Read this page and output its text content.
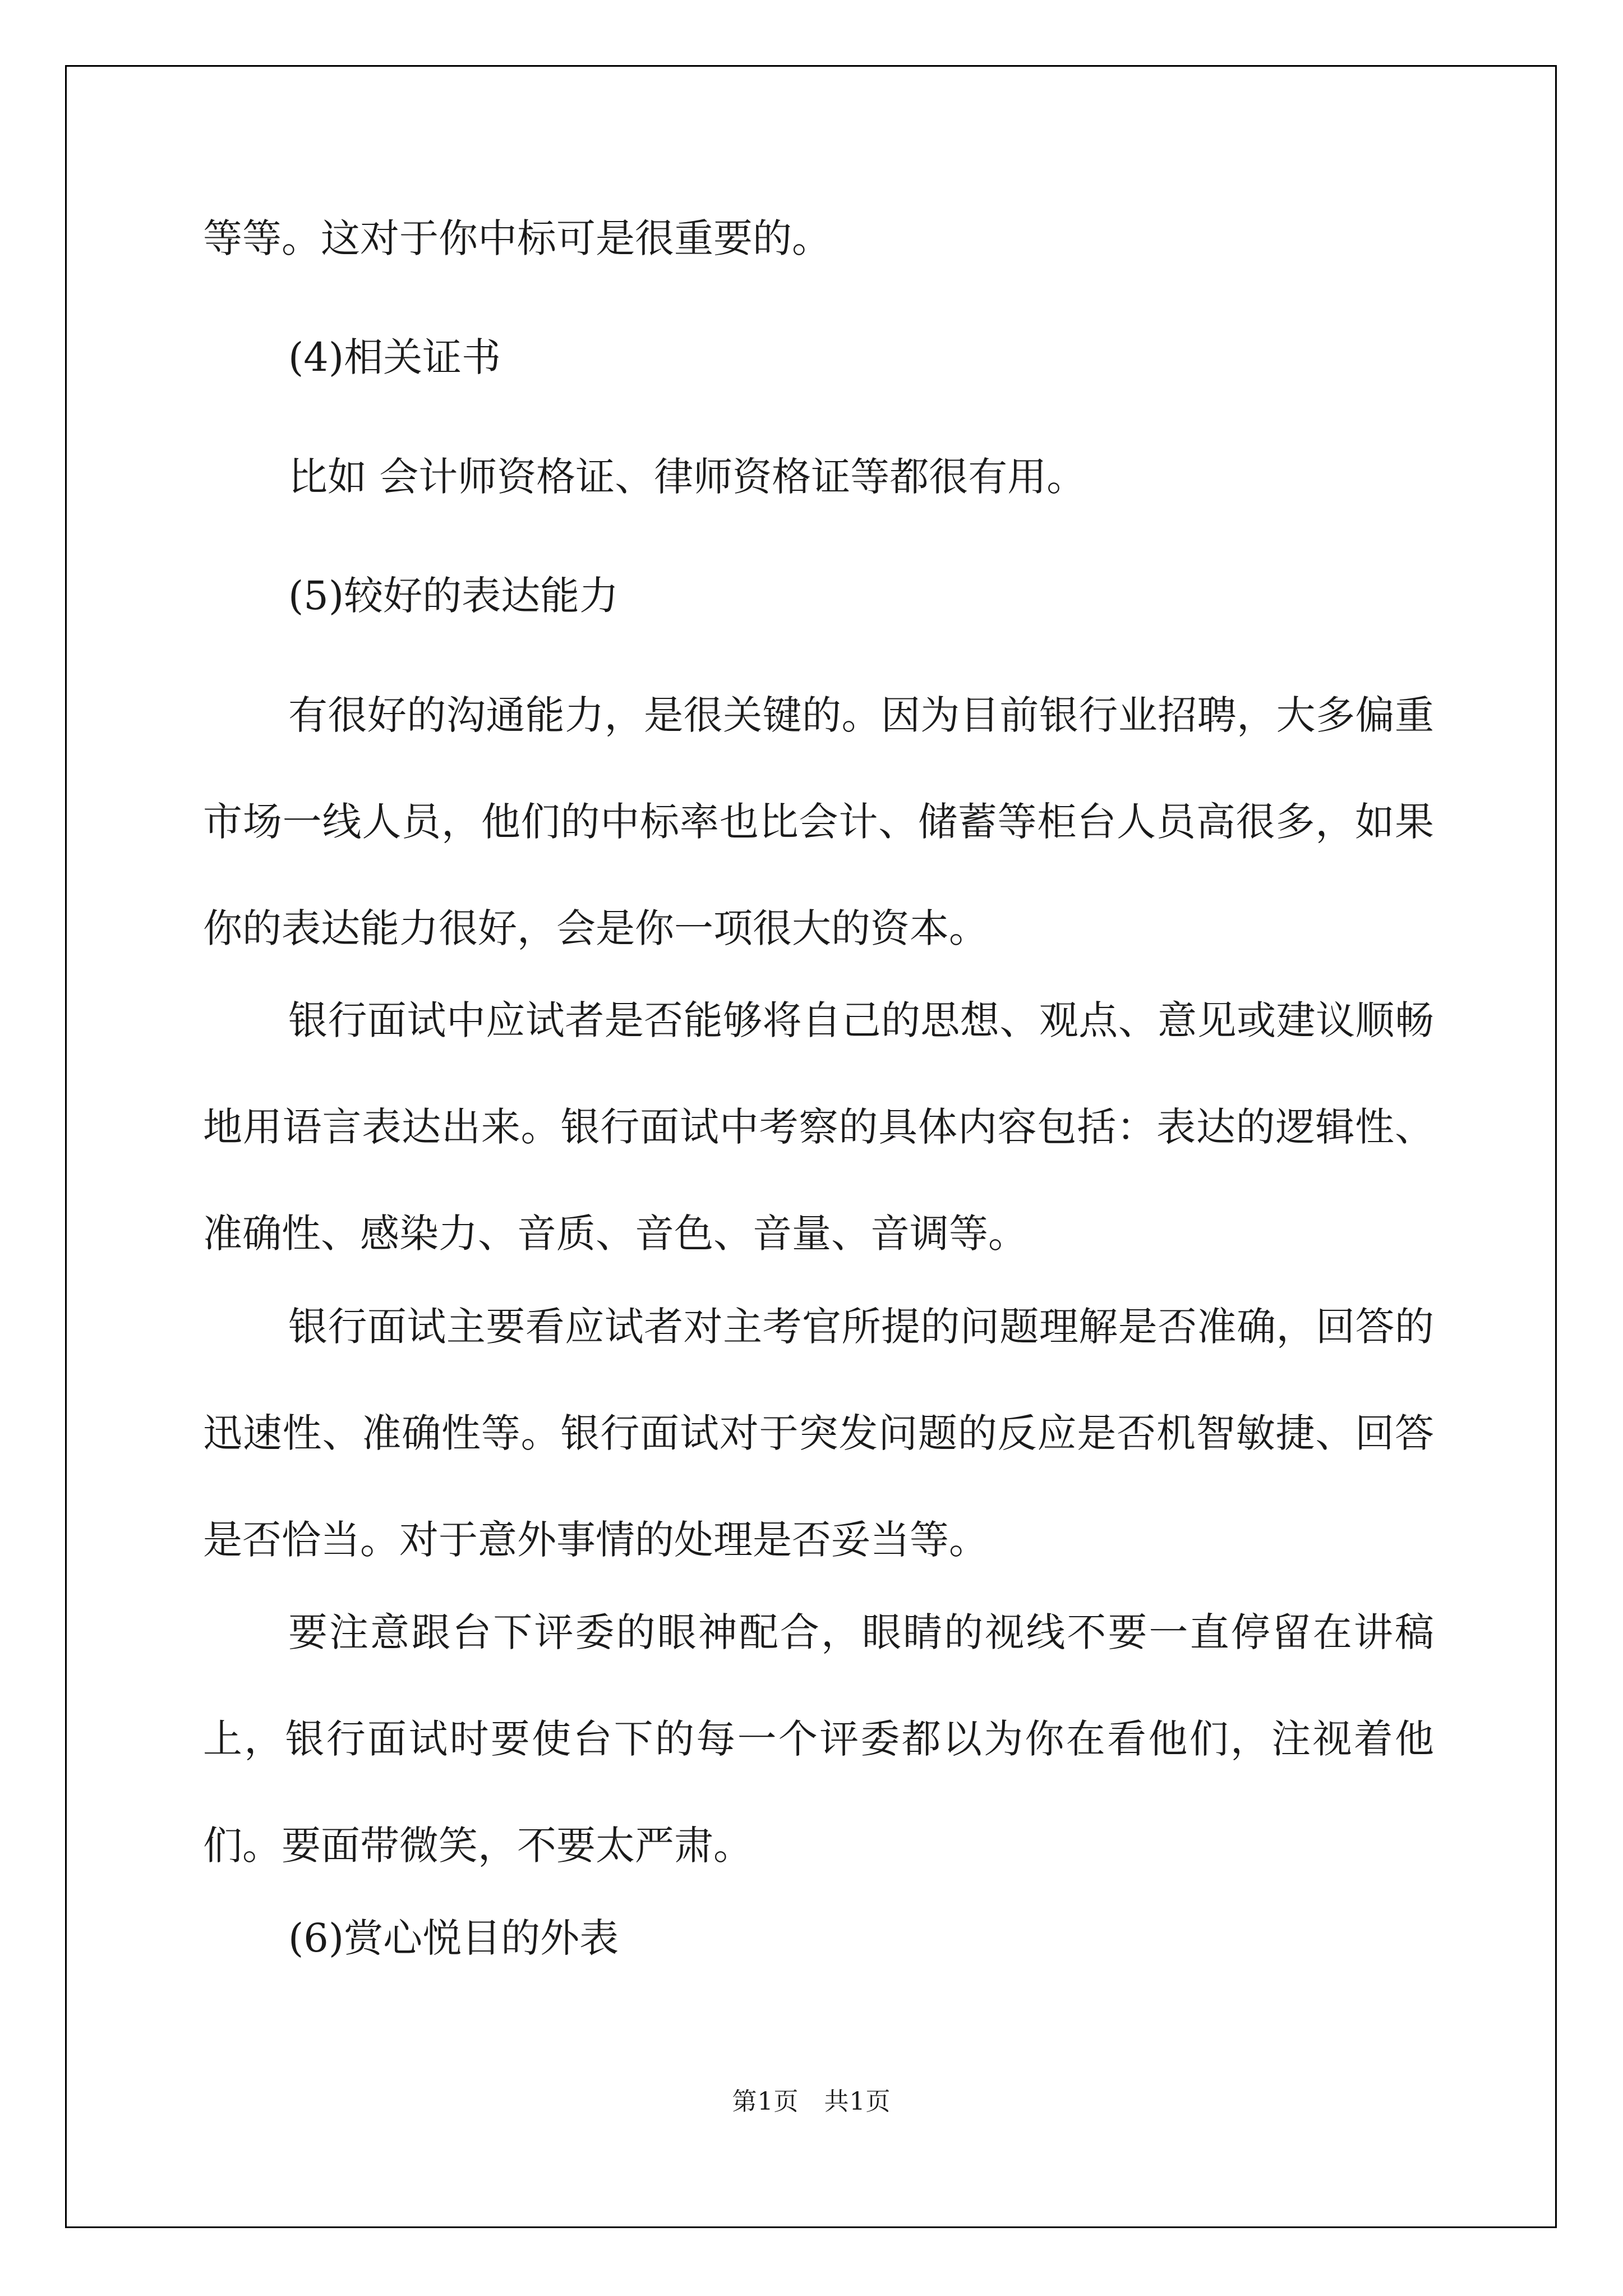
等等。这对于你中标可是很重要的。

(4)相关证书

比如 会计师资格证、律师资格证等都很有用。

(5)较好的表达能力

有很好的沟通能力，是很关键的。因为目前银行业招聘，大多偏重市场一线人员，他们的中标率也比会计、储蓄等柜台人员高很多，如果你的表达能力很好，会是你一项很大的资本。

银行面试中应试者是否能够将自己的思想、观点、意见或建议顺畅地用语言表达出来。银行面试中考察的具体内容包括：表达的逻辑性、准确性、感染力、音质、音色、音量、音调等。

银行面试主要看应试者对主考官所提的问题理解是否准确，回答的迅速性、准确性等。银行面试对于突发问题的反应是否机智敏捷、回答是否恰当。对于意外事情的处理是否妥当等。

要注意跟台下评委的眼神配合，眼睛的视线不要一直停留在讲稿上，银行面试时要使台下的每一个评委都以为你在看他们，注视着他们。要面带微笑，不要太严肃。

(6)赏心悦目的外表

第1页　共1页
